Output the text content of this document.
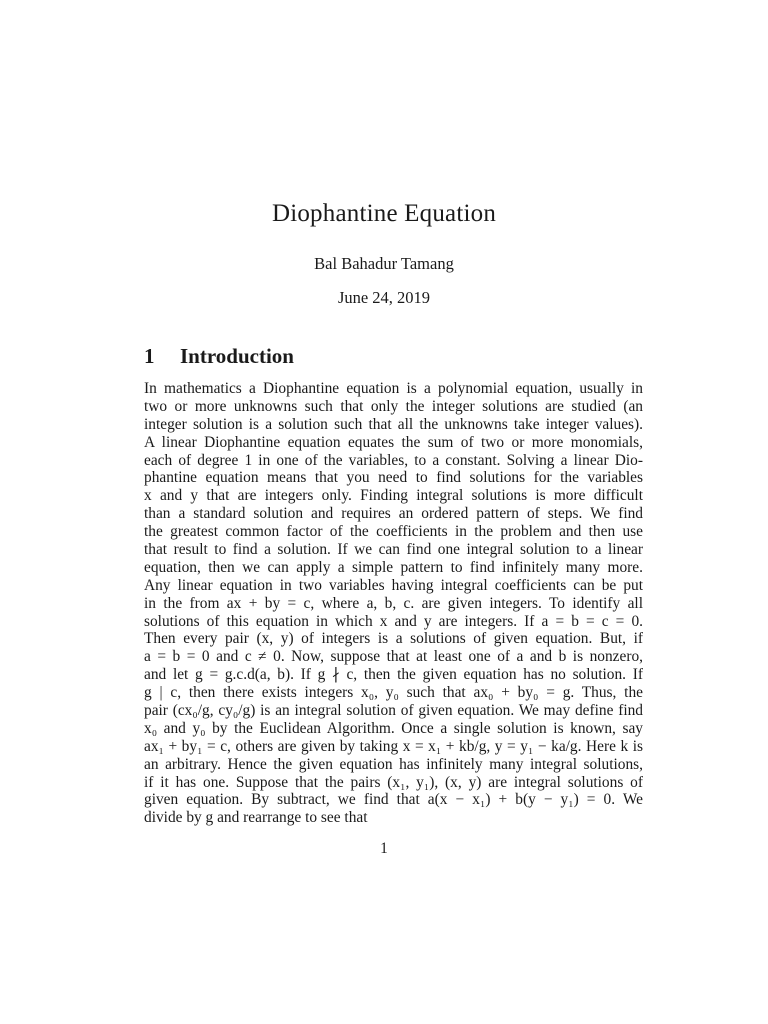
Diophantine Equation
Bal Bahadur Tamang
June 24, 2019
1 Introduction
In mathematics a Diophantine equation is a polynomial equation, usually in
two or more unknowns such that only the integer solutions are studied (an
integer solution is a solution such that all the unknowns take integer values).
A linear Diophantine equation equates the sum of two or more monomials,
each of degree 1 in one of the variables, to a constant. Solving a linear Dio-
phantine equation means that you need to find solutions for the variables
x and y that are integers only. Finding integral solutions is more difficult
than a standard solution and requires an ordered pattern of steps. We find
the greatest common factor of the coefficients in the problem and then use
that result to find a solution. If we can find one integral solution to a linear
equation, then we can apply a simple pattern to find infinitely many more.
Any linear equation in two variables having integral coefficients can be put
in the from ax + by = c, where a, b, c. are given integers. To identify all
solutions of this equation in which x and y are integers. If a = b = c = 0.
Then every pair (x, y) of integers is a solutions of given equation. But, if
a = b = 0 and c ≠ 0. Now, suppose that at least one of a and b is nonzero,
and let g = g.c.d(a, b). If g ∤ c, then the given equation has no solution. If
g | c, then there exists integers x₀, y₀ such that ax₀ + by₀ = g. Thus, the
pair (cx₀/g, cy₀/g) is an integral solution of given equation. We may define find
x₀ and y₀ by the Euclidean Algorithm. Once a single solution is known, say
ax₁ + by₁ = c, others are given by taking x = x₁ + kb/g, y = y₁ − ka/g. Here k is
an arbitrary. Hence the given equation has infinitely many integral solutions,
if it has one. Suppose that the pairs (x₁, y₁), (x, y) are integral solutions of
given equation. By subtract, we find that a(x − x₁) + b(y − y₁) = 0. We
divide by g and rearrange to see that
1
